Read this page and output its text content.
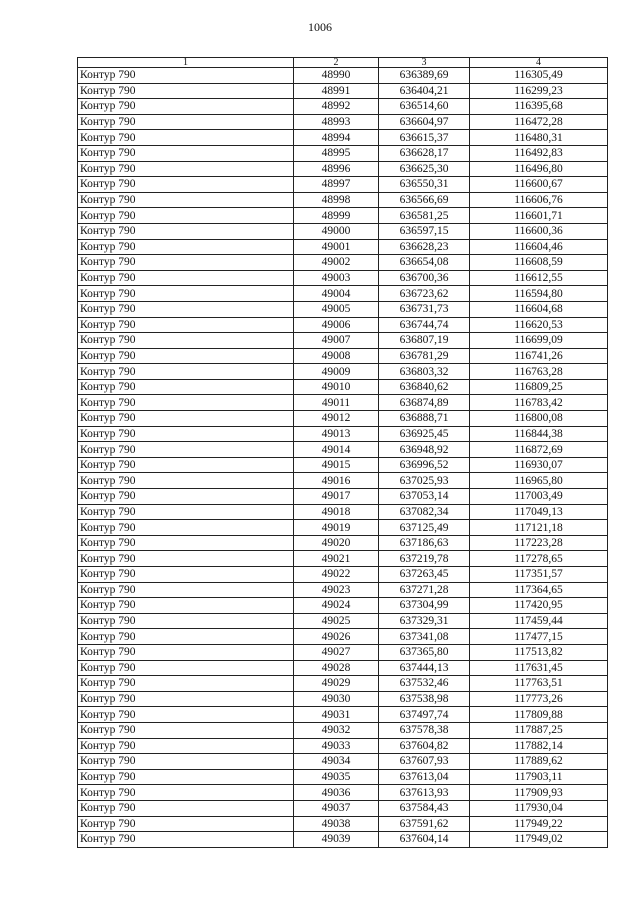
1006
1	2	3	4
Контур 790	48990	636389,69	116305,49
Контур 790	48991	636404,21	116299,23
Контур 790	48992	636514,60	116395,68
Контур 790	48993	636604,97	116472,28
Контур 790	48994	636615,37	116480,31
Контур 790	48995	636628,17	116492,83
Контур 790	48996	636625,30	116496,80
Контур 790	48997	636550,31	116600,67
Контур 790	48998	636566,69	116606,76
Контур 790	48999	636581,25	116601,71
Контур 790	49000	636597,15	116600,36
Контур 790	49001	636628,23	116604,46
Контур 790	49002	636654,08	116608,59
Контур 790	49003	636700,36	116612,55
Контур 790	49004	636723,62	116594,80
Контур 790	49005	636731,73	116604,68
Контур 790	49006	636744,74	116620,53
Контур 790	49007	636807,19	116699,09
Контур 790	49008	636781,29	116741,26
Контур 790	49009	636803,32	116763,28
Контур 790	49010	636840,62	116809,25
Контур 790	49011	636874,89	116783,42
Контур 790	49012	636888,71	116800,08
Контур 790	49013	636925,45	116844,38
Контур 790	49014	636948,92	116872,69
Контур 790	49015	636996,52	116930,07
Контур 790	49016	637025,93	116965,80
Контур 790	49017	637053,14	117003,49
Контур 790	49018	637082,34	117049,13
Контур 790	49019	637125,49	117121,18
Контур 790	49020	637186,63	117223,28
Контур 790	49021	637219,78	117278,65
Контур 790	49022	637263,45	117351,57
Контур 790	49023	637271,28	117364,65
Контур 790	49024	637304,99	117420,95
Контур 790	49025	637329,31	117459,44
Контур 790	49026	637341,08	117477,15
Контур 790	49027	637365,80	117513,82
Контур 790	49028	637444,13	117631,45
Контур 790	49029	637532,46	117763,51
Контур 790	49030	637538,98	117773,26
Контур 790	49031	637497,74	117809,88
Контур 790	49032	637578,38	117887,25
Контур 790	49033	637604,82	117882,14
Контур 790	49034	637607,93	117889,62
Контур 790	49035	637613,04	117903,11
Контур 790	49036	637613,93	117909,93
Контур 790	49037	637584,43	117930,04
Контур 790	49038	637591,62	117949,22
Контур 790	49039	637604,14	117949,02
